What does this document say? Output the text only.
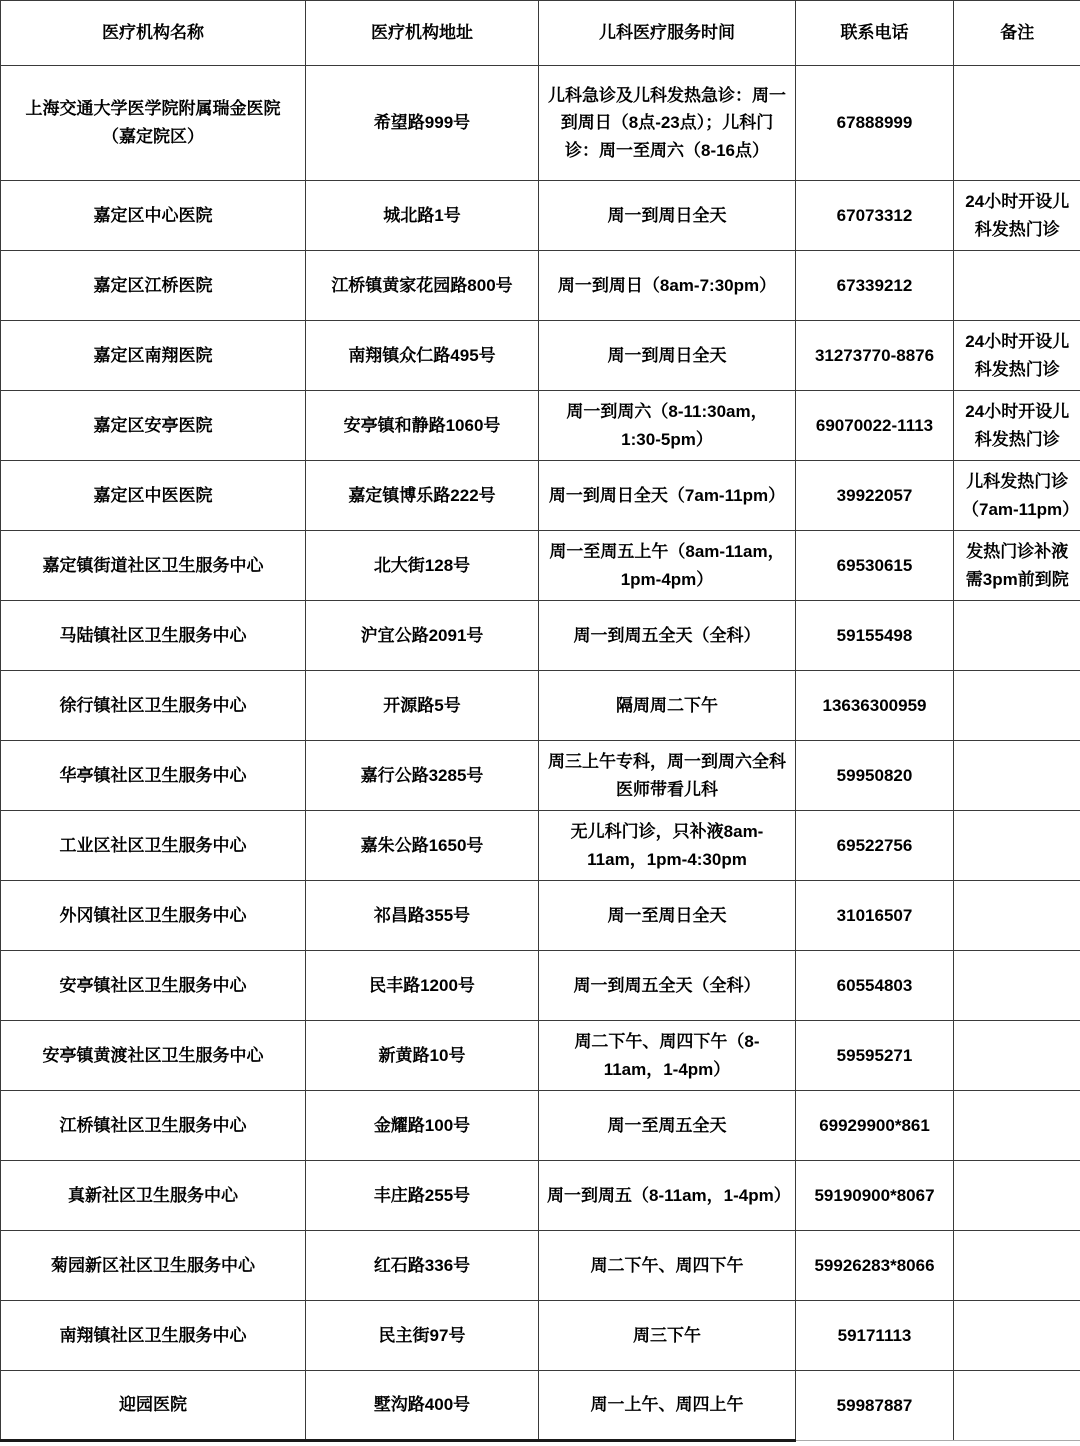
医疗机构名称	医疗机构地址	儿科医疗服务时间	联系电话	备注
上海交通大学医学院附属瑞金医院（嘉定院区）	希望路999号	儿科急诊及儿科发热急诊：周一到周日（8点-23点）；儿科门诊：周一至周六（8-16点）	67888999	
嘉定区中心医院	城北路1号	周一到周日全天	67073312	24小时开设儿科发热门诊
嘉定区江桥医院	江桥镇黄家花园路800号	周一到周日（8am-7:30pm）	67339212	
嘉定区南翔医院	南翔镇众仁路495号	周一到周日全天	31273770-8876	24小时开设儿科发热门诊
嘉定区安亭医院	安亭镇和静路1060号	周一到周六（8-11:30am，1:30-5pm）	69070022-1113	24小时开设儿科发热门诊
嘉定区中医医院	嘉定镇博乐路222号	周一到周日全天（7am-11pm）	39922057	儿科发热门诊（7am-11pm）
嘉定镇街道社区卫生服务中心	北大街128号	周一至周五上午（8am-11am，1pm-4pm）	69530615	发热门诊补液需3pm前到院
马陆镇社区卫生服务中心	沪宜公路2091号	周一到周五全天（全科）	59155498	
徐行镇社区卫生服务中心	开源路5号	隔周周二下午	13636300959	
华亭镇社区卫生服务中心	嘉行公路3285号	周三上午专科，周一到周六全科医师带看儿科	59950820	
工业区社区卫生服务中心	嘉朱公路1650号	无儿科门诊，只补液8am-11am，1pm-4:30pm	69522756	
外冈镇社区卫生服务中心	祁昌路355号	周一至周日全天	31016507	
安亭镇社区卫生服务中心	民丰路1200号	周一到周五全天（全科）	60554803	
安亭镇黄渡社区卫生服务中心	新黄路10号	周二下午、周四下午（8-11am，1-4pm）	59595271	
江桥镇社区卫生服务中心	金耀路100号	周一至周五全天	69929900*861	
真新社区卫生服务中心	丰庄路255号	周一到周五（8-11am，1-4pm）	59190900*8067	
菊园新区社区卫生服务中心	红石路336号	周二下午、周四下午	59926283*8066	
南翔镇社区卫生服务中心	民主街97号	周三下午	59171113	
迎园医院	墅沟路400号	周一上午、周四上午	59987887	
